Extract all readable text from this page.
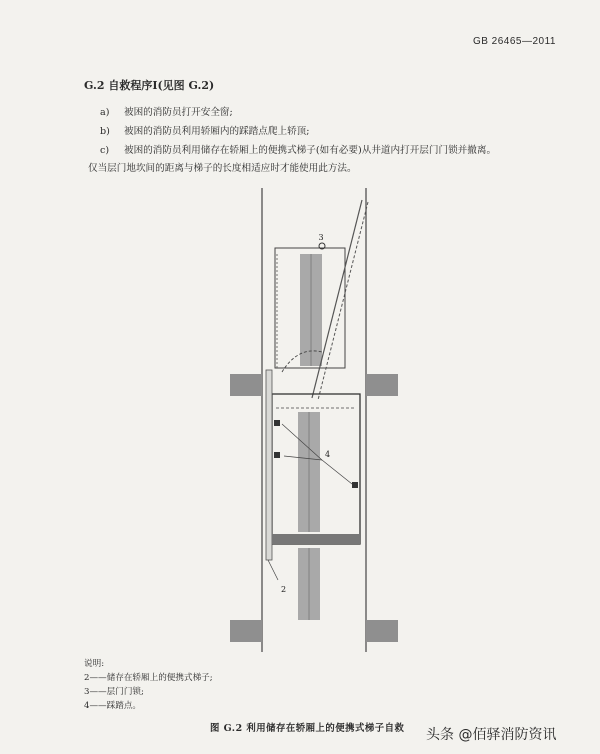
GB 26465—2011
G.2 自救程序Ⅰ(见图 G.2)
a) 被困的消防员打开安全窗;
b) 被困的消防员利用轿厢内的踩踏点爬上轿顶;
c) 被困的消防员利用储存在轿厢上的便携式梯子(如有必要)从井道内打开层门门锁并撤离。
仅当层门地坎间的距离与梯子的长度相适应时才能使用此方法。
3
4
2
说明:
2——储存在轿厢上的便携式梯子;
3——层门门锁;
4——踩踏点。
图 G.2 利用储存在轿厢上的便携式梯子自救 头条 @佰驿消防资讯
